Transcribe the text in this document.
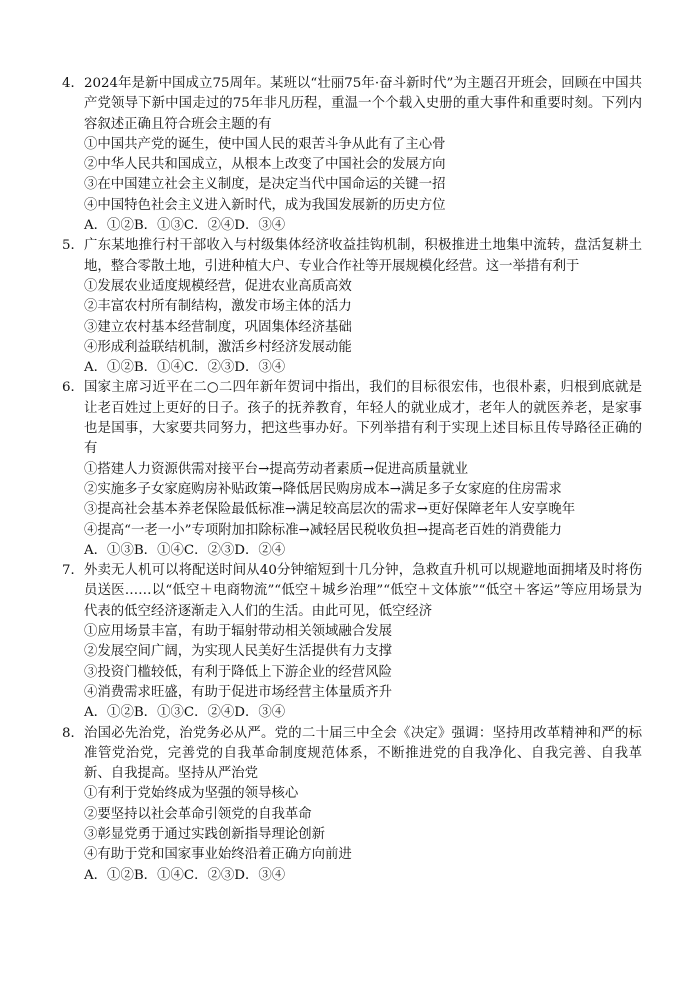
4． 2024年是新中国成立75周年。某班以“壮丽75年·奋斗新时代”为主题召开班会，回顾在中国共产党领导下新中国走过的75年非凡历程，重温一个个载入史册的重大事件和重要时刻。下列内容叙述正确且符合班会主题的有
①中国共产党的诞生，使中国人民的艰苦斗争从此有了主心骨
②中华人民共和国成立，从根本上改变了中国社会的发展方向
③在中国建立社会主义制度，是决定当代中国命运的关键一招
④中国特色社会主义进入新时代，成为我国发展新的历史方位
A．①②B．①③C．②④D．③④
5． 广东某地推行村干部收入与村级集体经济收益挂钩机制，积极推进土地集中流转，盘活复耕土地，整合零散土地，引进种植大户、专业合作社等开展规模化经营。这一举措有利于
①发展农业适度规模经营，促进农业高质高效
②丰富农村所有制结构，激发市场主体的活力
③建立农村基本经营制度，巩固集体经济基础
④形成利益联结机制，激活乡村经济发展动能
A．①②B．①④C．②③D．③④
6． 国家主席习近平在二○二四年新年贺词中指出，我们的目标很宏伟，也很朴素，归根到底就是让老百姓过上更好的日子。孩子的抚养教育，年轻人的就业成才，老年人的就医养老，是家事也是国事，大家要共同努力，把这些事办好。下列举措有利于实现上述目标且传导路径正确的有
①搭建人力资源供需对接平台→提高劳动者素质→促进高质量就业
②实施多子女家庭购房补贴政策→降低居民购房成本→满足多子女家庭的住房需求
③提高社会基本养老保险最低标准→满足较高层次的需求→更好保障老年人安享晚年
④提高“一老一小”专项附加扣除标准→减轻居民税收负担→提高老百姓的消费能力
A．①③B．①④C．②③D．②④
7． 外卖无人机可以将配送时间从40分钟缩短到十几分钟，急救直升机可以规避地面拥堵及时将伤员送医……以“低空＋电商物流”“低空＋城乡治理”“低空＋文体旅”“低空＋客运”等应用场景为代表的低空经济逐渐走入人们的生活。由此可见，低空经济
①应用场景丰富，有助于辐射带动相关领域融合发展
②发展空间广阔，为实现人民美好生活提供有力支撑
③投资门槛较低，有利于降低上下游企业的经营风险
④消费需求旺盛，有助于促进市场经营主体量质齐升
A．①②B．①③C．②④D．③④
8． 治国必先治党，治党务必从严。党的二十届三中全会《决定》强调：坚持用改革精神和严的标准管党治党，完善党的自我革命制度规范体系，不断推进党的自我净化、自我完善、自我革新、自我提高。坚持从严治党
①有利于党始终成为坚强的领导核心
②要坚持以社会革命引领党的自我革命
③彰显党勇于通过实践创新指导理论创新
④有助于党和国家事业始终沿着正确方向前进
A．①②B．①④C．②③D．③④
